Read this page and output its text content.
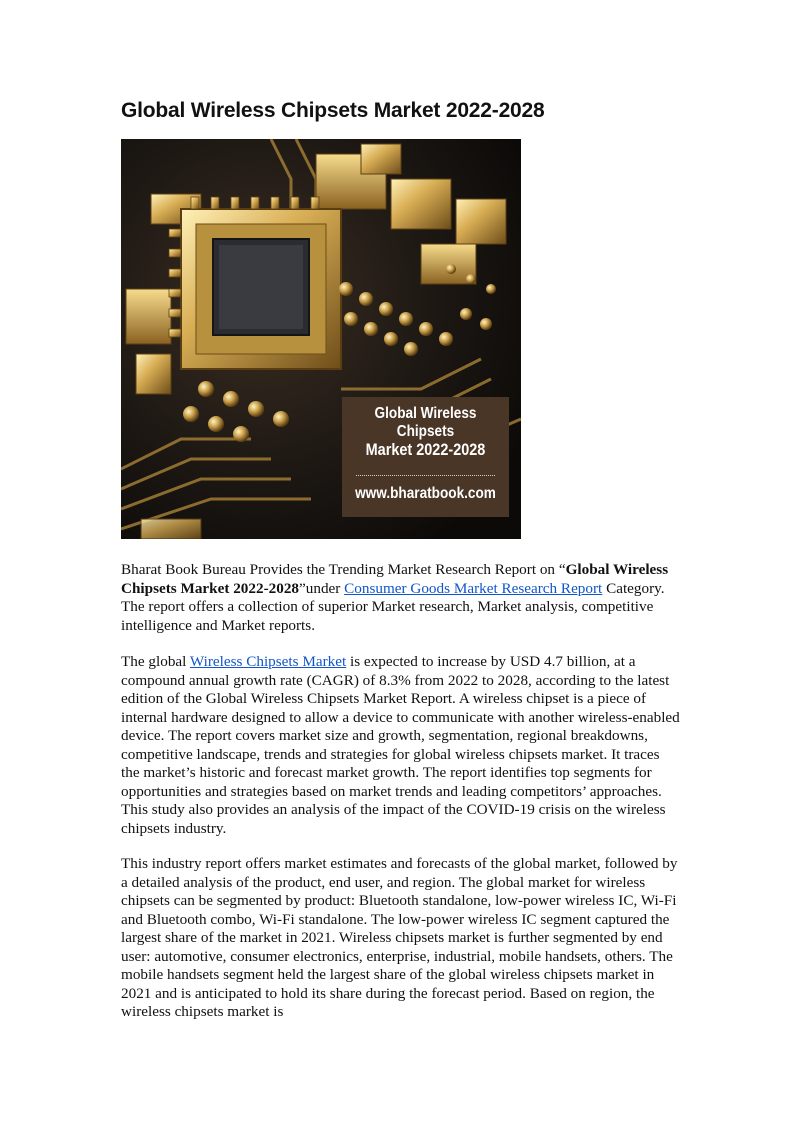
Global Wireless Chipsets Market 2022-2028
Global Wireless Chipsets
Market 2022-2028
www.bharatbook.com

Bharat Book Bureau Provides the Trending Market Research Report on “Global Wireless Chipsets Market 2022-2028”under Consumer Goods Market Research Report Category. The report offers a collection of superior Market research, Market analysis, competitive intelligence and Market reports.

The global Wireless Chipsets Market is expected to increase by USD 4.7 billion, at a compound annual growth rate (CAGR) of 8.3% from 2022 to 2028, according to the latest edition of the Global Wireless Chipsets Market Report. A wireless chipset is a piece of internal hardware designed to allow a device to communicate with another wireless-enabled device. The report covers market size and growth, segmentation, regional breakdowns, competitive landscape, trends and strategies for global wireless chipsets market. It traces the market’s historic and forecast market growth. The report identifies top segments for opportunities and strategies based on market trends and leading competitors’ approaches. This study also provides an analysis of the impact of the COVID-19 crisis on the wireless chipsets industry.

This industry report offers market estimates and forecasts of the global market, followed by a detailed analysis of the product, end user, and region. The global market for wireless chipsets can be segmented by product: Bluetooth standalone, low-power wireless IC, Wi-Fi and Bluetooth combo, Wi-Fi standalone. The low-power wireless IC segment captured the largest share of the market in 2021. Wireless chipsets market is further segmented by end user: automotive, consumer electronics, enterprise, industrial, mobile handsets, others. The mobile handsets segment held the largest share of the global wireless chipsets market in 2021 and is anticipated to hold its share during the forecast period. Based on region, the wireless chipsets market is
